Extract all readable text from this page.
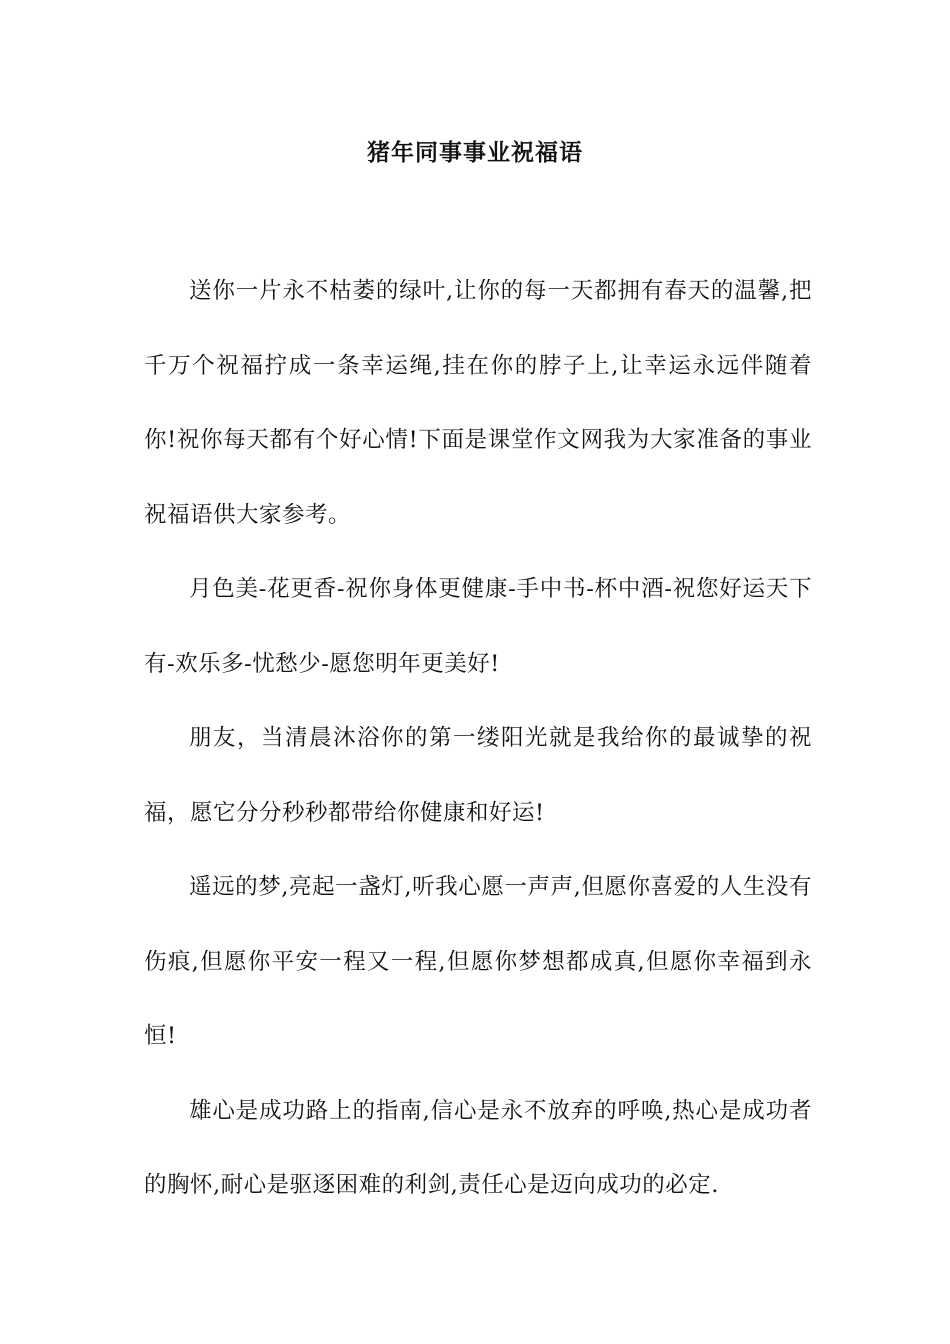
猪年同事事业祝福语

送你一片永不枯萎的绿叶,让你的每一天都拥有春天的温馨,把千万个祝福拧成一条幸运绳,挂在你的脖子上,让幸运永远伴随着你!祝你每天都有个好心情!下面是课堂作文网我为大家准备的事业祝福语供大家参考。

月色美-花更香-祝你身体更健康-手中书-杯中酒-祝您好运天下有-欢乐多-忧愁少-愿您明年更美好!

朋友，当清晨沐浴你的第一缕阳光就是我给你的最诚挚的祝福，愿它分分秒秒都带给你健康和好运!

遥远的梦,亮起一盏灯,听我心愿一声声,但愿你喜爱的人生没有伤痕,但愿你平安一程又一程,但愿你梦想都成真,但愿你幸福到永恒!

雄心是成功路上的指南,信心是永不放弃的呼唤,热心是成功者的胸怀,耐心是驱逐困难的利剑,责任心是迈向成功的必定.
